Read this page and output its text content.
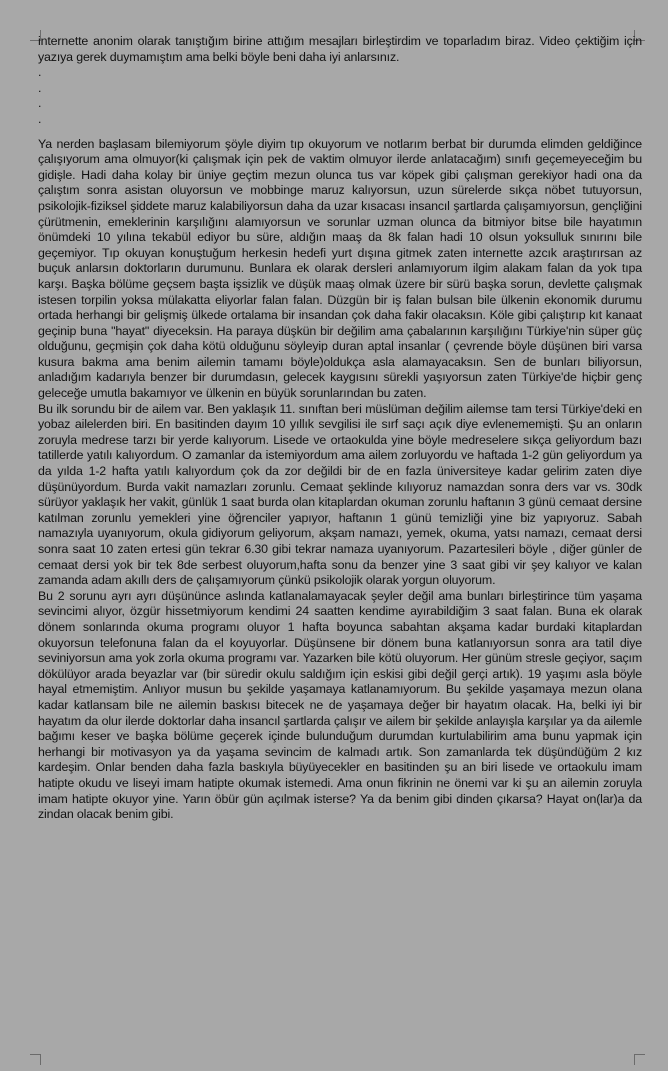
internette anonim olarak tanıştığım birine attığım mesajları birleştirdim ve toparladım biraz. Video çektiğim için yazıya gerek duymamıştım ama belki böyle beni daha iyi anlarsınız.

.

.

.

.

Ya nerden başlasam bilemiyorum şöyle diyim tıp okuyorum ve notlarım berbat bir durumda elimden geldiğince çalışıyorum ama olmuyor(ki çalışmak için pek de vaktim olmuyor ilerde anlatacağım) sınıfı geçemeyeceğim bu gidişle. Hadi daha kolay bir üniye geçtim mezun olunca tus var köpek gibi çalışman gerekiyor hadi ona da çalıştım sonra asistan oluyorsun ve mobbinge maruz kalıyorsun, uzun sürelerde sıkça nöbet tutuyorsun, psikolojik-fiziksel şiddete maruz kalabiliyorsun daha da uzar kısacası insancıl şartlarda çalışamıyorsun, gençliğini çürütmenin, emeklerinin karşılığını alamıyorsun ve sorunlar uzman olunca da bitmiyor bitse bile hayatımın önümdeki 10 yılına tekabül ediyor bu süre, aldığın maaş da 8k falan hadi 10 olsun yoksulluk sınırını bile geçemiyor. Tıp okuyan konuştuğum herkesin hedefi yurt dışına gitmek zaten internette azcık araştırırsan az buçuk anlarsın doktorların durumunu. Bunlara ek olarak dersleri anlamıyorum ilgim alakam falan da yok tıpa karşı. Başka bölüme geçsem başta işsizlik ve düşük maaş olmak üzere bir sürü başka sorun, devlette çalışmak istesen torpilin yoksa mülakatta eliyorlar falan falan. Düzgün bir iş falan bulsan bile ülkenin ekonomik durumu ortada herhangi bir gelişmiş ülkede ortalama bir insandan çok daha fakir olacaksın. Köle gibi çalıştırıp kıt kanaat geçinip buna "hayat" diyeceksin. Ha paraya düşkün bir değilim ama çabalarının karşılığını Türkiye'nin süper güç olduğunu, geçmişin çok daha kötü olduğunu söyleyip duran aptal insanlar ( çevrende böyle düşünen biri varsa kusura bakma ama benim ailemin tamamı böyle)oldukça asla alamayacaksın. Sen de bunları biliyorsun, anladığım kadarıyla benzer bir durumdasın, gelecek kaygısını sürekli yaşıyorsun zaten Türkiye'de hiçbir genç geleceğe umutla bakamıyor ve ülkenin en büyük sorunlarından bu zaten.

Bu ilk sorundu bir de ailem var. Ben yaklaşık 11. sınıftan beri müslüman değilim ailemse tam tersi Türkiye'deki en yobaz ailelerden biri. En basitinden dayım 10 yıllık sevgilisi ile sırf saçı açık diye evlenememişti. Şu an onların zoruyla medrese tarzı bir yerde kalıyorum. Lisede ve ortaokulda yine böyle medreselere sıkça geliyordum bazı tatillerde yatılı kalıyordum. O zamanlar da istemiyordum ama ailem zorluyordu ve haftada 1-2 gün geliyordum ya da yılda 1-2 hafta yatılı kalıyordum çok da zor değildi bir de en fazla üniversiteye kadar gelirim zaten diye düşünüyordum. Burda vakit namazları zorunlu. Cemaat şeklinde kılıyoruz namazdan sonra ders var vs. 30dk sürüyor yaklaşık her vakit, günlük 1 saat burda olan kitaplardan okuman zorunlu haftanın 3 günü cemaat dersine katılman zorunlu yemekleri yine öğrenciler yapıyor, haftanın 1 günü temizliği yine biz yapıyoruz. Sabah namazıyla uyanıyorum, okula gidiyorum geliyorum, akşam namazı, yemek, okuma, yatsı namazı, cemaat dersi sonra saat 10 zaten ertesi gün tekrar 6.30 gibi tekrar namaza uyanıyorum. Pazartesileri böyle , diğer günler de cemaat dersi yok bir tek 8de serbest oluyorum,hafta sonu da benzer yine 3 saat gibi vir şey kalıyor ve kalan zamanda adam akıllı ders de çalışamıyorum çünkü psikolojik olarak yorgun oluyorum.

Bu 2 sorunu ayrı ayrı düşününce aslında katlanalamayacak şeyler değil ama bunları birleştirince tüm yaşama sevincimi alıyor, özgür hissetmiyorum kendimi 24 saatten kendime ayırabildiğim 3 saat falan. Buna ek olarak dönem sonlarında okuma programı oluyor 1 hafta boyunca sabahtan akşama kadar burdaki kitaplardan okuyorsun telefonuna falan da el koyuyorlar. Düşünsene bir dönem buna katlanıyorsun sonra ara tatil diye seviniyorsun ama yok zorla okuma programı var. Yazarken bile kötü oluyorum. Her günüm stresle geçiyor, saçım dökülüyor arada beyazlar var (bir süredir okulu saldığım için eskisi gibi değil gerçi artık). 19 yaşımı asla böyle hayal etmemiştim. Anlıyor musun bu şekilde yaşamaya katlanamıyorum. Bu şekilde yaşamaya mezun olana kadar katlansam bile ne ailemin baskısı bitecek ne de yaşamaya değer bir hayatım olacak. Ha, belki iyi bir hayatım da olur ilerde doktorlar daha insancıl şartlarda çalışır ve ailem bir şekilde anlayışla karşılar ya da ailemle bağımı keser ve başka bölüme geçerek içinde bulunduğum durumdan kurtulabilirim ama bunu yapmak için herhangi bir motivasyon ya da yaşama sevincim de kalmadı artık. Son zamanlarda tek düşündüğüm 2 kız kardeşim. Onlar benden daha fazla baskıyla büyüyecekler en basitinden şu an biri lisede ve ortaokulu imam hatipte okudu ve liseyi imam hatipte okumak istemedi. Ama onun fikrinin ne önemi var ki şu an ailemin zoruyla imam hatipte okuyor yine. Yarın öbür gün açılmak isterse? Ya da benim gibi dinden çıkarsa? Hayat on(lar)a da zindan olacak benim gibi.
